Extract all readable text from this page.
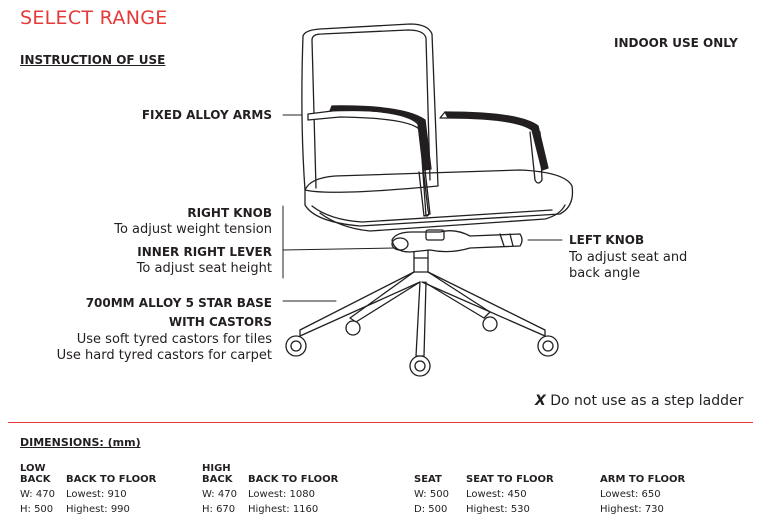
SELECT RANGE
INSTRUCTION OF USE
INDOOR USE ONLY
FIXED ALLOY ARMS
RIGHT KNOB
To adjust weight tension
INNER RIGHT LEVER
To adjust seat height
700MM ALLOY 5 STAR BASE
WITH CASTORS
Use soft tyred castors for tiles
Use hard tyred castors for carpet
LEFT KNOB
To adjust seat and
back angle
X Do not use as a step ladder
DIMENSIONS: (mm)
LOW
BACK BACK TO FLOOR
W: 470
H: 500
Lowest: 910
Highest: 990
HIGH
BACK BACK TO FLOOR
W: 470
H: 670
Lowest: 1080
Highest: 1160
SEAT SEAT TO FLOOR
W: 500
D: 500
Lowest: 450
Highest: 530
ARM TO FLOOR
Lowest: 650
Highest: 730
